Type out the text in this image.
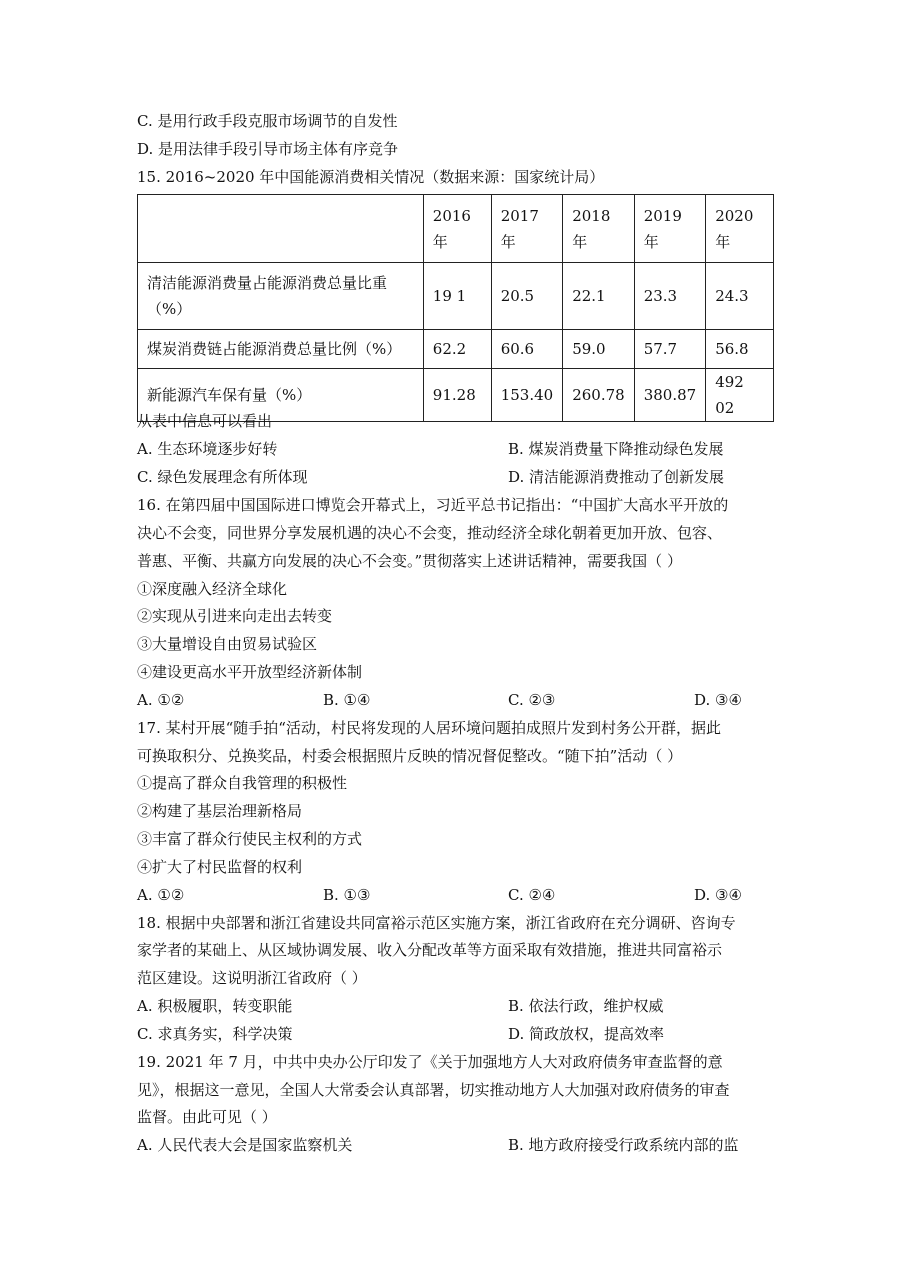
C. 是用行政手段克服市场调节的自发性
D. 是用法律手段引导市场主体有序竞争
15. 2016~2020 年中国能源消费相关情况（数据来源：国家统计局）
	2016 年	2017 年	2018 年	2019 年	2020 年
清洁能源消费量占能源消费总量比重（%）	19 1	20.5	22.1	23.3	24.3
煤炭消费链占能源消费总量比例（%）	62.2	60.6	59.0	57.7	56.8
新能源汽车保有量（%）	91.28	153.40	260.78	380.87	492 02
从表中信息可以看出
A. 生态环境逐步好转	B. 煤炭消费量下降推动绿色发展
C. 绿色发展理念有所体现	D. 清洁能源消费推动了创新发展
16. 在第四届中国国际进口博览会开幕式上，习近平总书记指出：“中国扩大高水平开放的
决心不会变，同世界分享发展机遇的决心不会变，推动经济全球化朝着更加开放、包容、
普惠、平衡、共赢方向发展的决心不会变。”贯彻落实上述讲话精神，需要我国（ ）
①深度融入经济全球化
②实现从引进来向走出去转变
③大量增设自由贸易试验区
④建设更高水平开放型经济新体制
A. ①②	B. ①④	C. ②③	D. ③④
17. 某村开展“随手拍“活动，村民将发现的人居环境问题拍成照片发到村务公开群，据此
可换取积分、兑换奖品，村委会根据照片反映的情况督促整改。“随下拍”活动（ ）
①提高了群众自我管理的积极性
②构建了基层治理新格局
③丰富了群众行使民主权利的方式
④扩大了村民监督的权利
A. ①②	B. ①③	C. ②④	D. ③④
18. 根据中央部署和浙江省建设共同富裕示范区实施方案，浙江省政府在充分调研、咨询专
家学者的某础上、从区域协调发展、收入分配改革等方面采取有效措施，推进共同富裕示
范区建设。这说明浙江省政府（ ）
A. 积极履职，转变职能	B. 依法行政，维护权威
C. 求真务实，科学决策	D. 简政放权，提高效率
19. 2021 年 7 月，中共中央办公厅印发了《关于加强地方人大对政府债务审查监督的意
见》，根据这一意见，全国人大常委会认真部署，切实推动地方人大加强对政府债务的审查
监督。由此可见（ ）
A. 人民代表大会是国家监察机关	B. 地方政府接受行政系统内部的监
